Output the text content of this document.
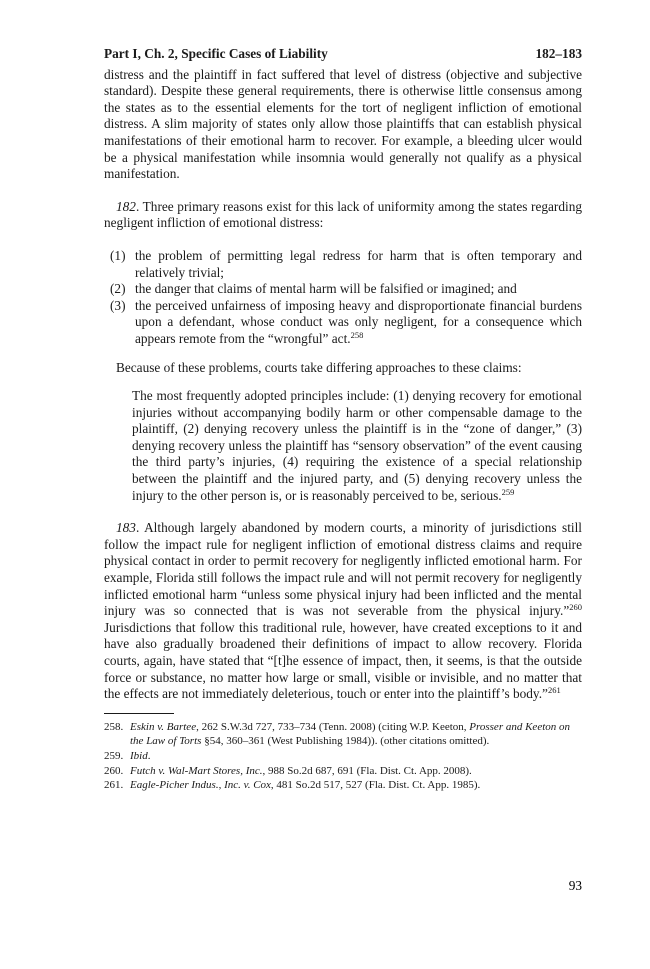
Part I, Ch. 2, Specific Cases of Liability	182–183

distress and the plaintiff in fact suffered that level of distress (objective and subjective standard). Despite these general requirements, there is otherwise little consensus among the states as to the essential elements for the tort of negligent infliction of emotional distress. A slim majority of states only allow those plaintiffs that can establish physical manifestations of their emotional harm to recover. For example, a bleeding ulcer would be a physical manifestation while insomnia would generally not qualify as a physical manifestation.

182. Three primary reasons exist for this lack of uniformity among the states regarding negligent infliction of emotional distress:

(1) the problem of permitting legal redress for harm that is often temporary and relatively trivial;
(2) the danger that claims of mental harm will be falsified or imagined; and
(3) the perceived unfairness of imposing heavy and disproportionate financial burdens upon a defendant, whose conduct was only negligent, for a consequence which appears remote from the “wrongful” act.$^{258}$

Because of these problems, courts take differing approaches to these claims:

The most frequently adopted principles include: (1) denying recovery for emotional injuries without accompanying bodily harm or other compensable damage to the plaintiff, (2) denying recovery unless the plaintiff is in the “zone of danger,” (3) denying recovery unless the plaintiff has “sensory observation” of the event causing the third party’s injuries, (4) requiring the existence of a special relationship between the plaintiff and the injured party, and (5) denying recovery unless the injury to the other person is, or is reasonably perceived to be, serious.$^{259}$

183. Although largely abandoned by modern courts, a minority of jurisdictions still follow the impact rule for negligent infliction of emotional distress claims and require physical contact in order to permit recovery for negligently inflicted emotional harm. For example, Florida still follows the impact rule and will not permit recovery for negligently inflicted emotional harm “unless some physical injury had been inflicted and the mental injury was so connected that is was not severable from the physical injury.”$^{260}$ Jurisdictions that follow this traditional rule, however, have created exceptions to it and have also gradually broadened their definitions of impact to allow recovery. Florida courts, again, have stated that “[t]he essence of impact, then, it seems, is that the outside force or substance, no matter how large or small, visible or invisible, and no matter that the effects are not immediately deleterious, touch or enter into the plaintiff’s body.”$^{261}$

258. Eskin v. Bartee, 262 S.W.3d 727, 733–734 (Tenn. 2008) (citing W.P. Keeton, Prosser and Keeton on the Law of Torts §54, 360–361 (West Publishing 1984)). (other citations omitted).
259. Ibid.
260. Futch v. Wal-Mart Stores, Inc., 988 So.2d 687, 691 (Fla. Dist. Ct. App. 2008).
261. Eagle-Picher Indus., Inc. v. Cox, 481 So.2d 517, 527 (Fla. Dist. Ct. App. 1985).
93
